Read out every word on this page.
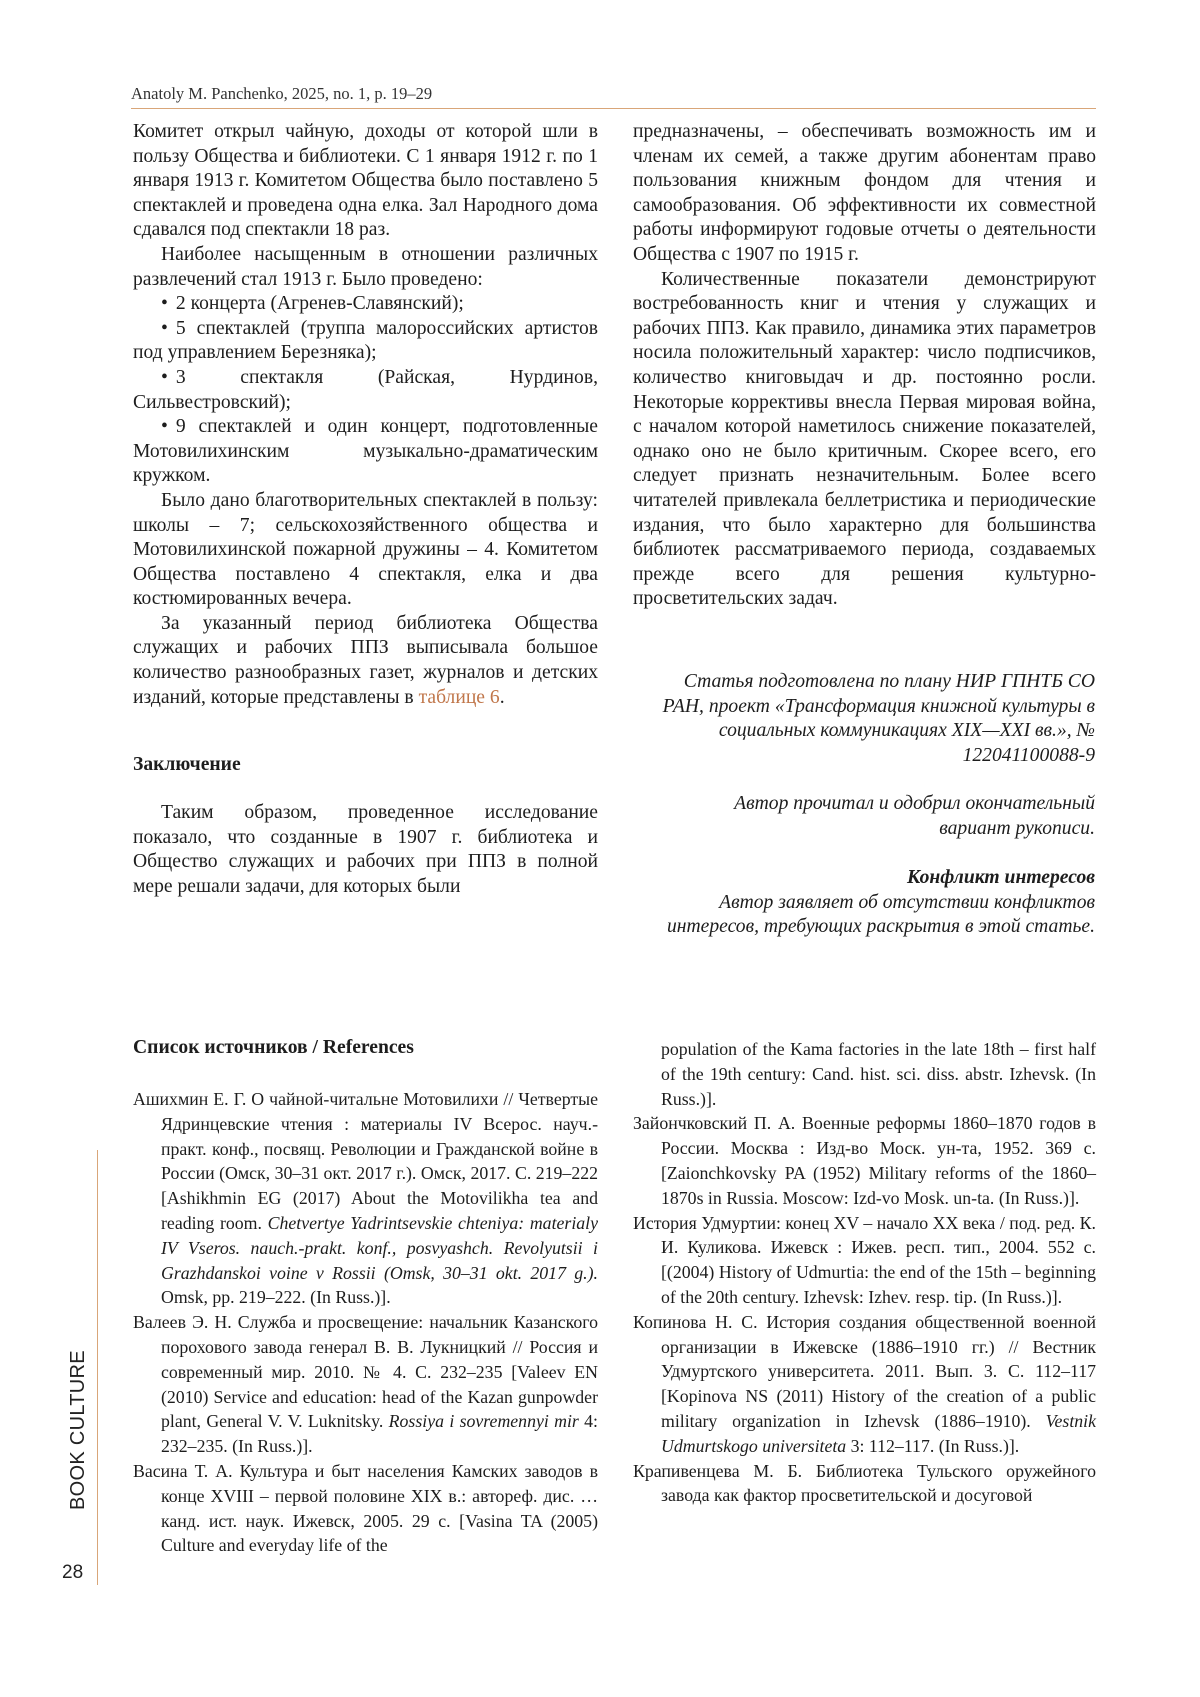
Anatoly M. Panchenko, 2025, no. 1, p. 19–29

Комитет открыл чайную, доходы от которой шли в пользу Общества и библиотеки. С 1 января 1912 г. по 1 января 1913 г. Комитетом Общества было поставлено 5 спектаклей и проведена одна елка. Зал Народного дома сдавался под спектакли 18 раз.

Наиболее насыщенным в отношении различных развлечений стал 1913 г. Было проведено:

• 2 концерта (Агренев-Славянский);
• 5 спектаклей (труппа малороссийских артистов под управлением Березняка);
• 3 спектакля (Райская, Нурдинов, Сильвестровский);
• 9 спектаклей и один концерт, подготовленные Мотовилихинским музыкально-драматическим кружком.

Было дано благотворительных спектаклей в пользу: школы – 7; сельскохозяйственного общества и Мотовилихинской пожарной дружины – 4. Комитетом Общества поставлено 4 спектакля, елка и два костюмированных вечера.

За указанный период библиотека Общества служащих и рабочих ППЗ выписывала большое количество разнообразных газет, журналов и детских изданий, которые представлены в таблице 6.

Заключение

Таким образом, проведенное исследование показало, что созданные в 1907 г. библиотека и Общество служащих и рабочих при ППЗ в полной мере решали задачи, для которых были

предназначены, – обеспечивать возможность им и членам их семей, а также другим абонентам право пользования книжным фондом для чтения и самообразования. Об эффективности их совместной работы информируют годовые отчеты о деятельности Общества с 1907 по 1915 г.

Количественные показатели демонстрируют востребованность книг и чтения у служащих и рабочих ППЗ. Как правило, динамика этих параметров носила положительный характер: число подписчиков, количество книговыдач и др. постоянно росли. Некоторые коррективы внесла Первая мировая война, с началом которой наметилось снижение показателей, однако оно не было критичным. Скорее всего, его следует признать незначительным. Более всего читателей привлекала беллетристика и периодические издания, что было характерно для большинства библиотек рассматриваемого периода, создаваемых прежде всего для решения культурно-просветительских задач.

Статья подготовлена по плану НИР ГПНТБ СО РАН, проект «Трансформация книжной культуры в социальных коммуникациях XIX—XXI вв.», № 122041100088-9
Автор прочитал и одобрил окончательный вариант рукописи.
Конфликт интересов
Автор заявляет об отсутствии конфликтов интересов, требующих раскрытия в этой статье.
Список источников / References

Ашихмин Е. Г. О чайной-читальне Мотовилихи // Четвертые Ядринцевские чтения : материалы IV Всерос. науч.-практ. конф., посвящ. Революции и Гражданской войне в России (Омск, 30–31 окт. 2017 г.). Омск, 2017. С. 219–222 [Ashikhmin EG (2017) About the Motovilikha tea and reading room. Chetvertye Yadrintsevskie chteniya: materialy IV Vseros. nauch.-prakt. konf., posvyashch. Revolyutsii i Grazhdanskoi voine v Rossii (Omsk, 30–31 okt. 2017 g.). Omsk, pp. 219–222. (In Russ.)].

Валеев Э. Н. Служба и просвещение: начальник Казанского порохового завода генерал В. В. Лукницкий // Россия и современный мир. 2010. № 4. С. 232–235 [Valeev EN (2010) Service and education: head of the Kazan gunpowder plant, General V. V. Luknitsky. Rossiya i sovremennyi mir 4: 232–235. (In Russ.)].

Васина Т. А. Культура и быт населения Камских заводов в конце XVIII – первой половине XIX в.: автореф. дис. … канд. ист. наук. Ижевск, 2005. 29 с. [Vasina TA (2005) Culture and everyday life of the

population of the Kama factories in the late 18th – first half of the 19th century: Cand. hist. sci. diss. abstr. Izhevsk. (In Russ.)].

Зайончковский П. А. Военные реформы 1860–1870 годов в России. Москва : Изд-во Моск. ун-та, 1952. 369 с. [Zaionchkovsky PA (1952) Military reforms of the 1860–1870s in Russia. Moscow: Izd-vo Mosk. un-ta. (In Russ.)].

История Удмуртии: конец XV – начало XX века / под. ред. К. И. Куликова. Ижевск : Ижев. респ. тип., 2004. 552 с. [(2004) History of Udmurtia: the end of the 15th – beginning of the 20th century. Izhevsk: Izhev. resp. tip. (In Russ.)].

Копинова Н. С. История создания общественной военной организации в Ижевске (1886–1910 гг.) // Вестник Удмуртского университета. 2011. Вып. 3. С. 112–117 [Kopinova NS (2011) History of the creation of a public military organization in Izhevsk (1886–1910). Vestnik Udmurtskogo universiteta 3: 112–117. (In Russ.)].

Крапивенцева М. Б. Библиотека Тульского оружейного завода как фактор просветительской и досуговой

BOOK CULTURE
28
